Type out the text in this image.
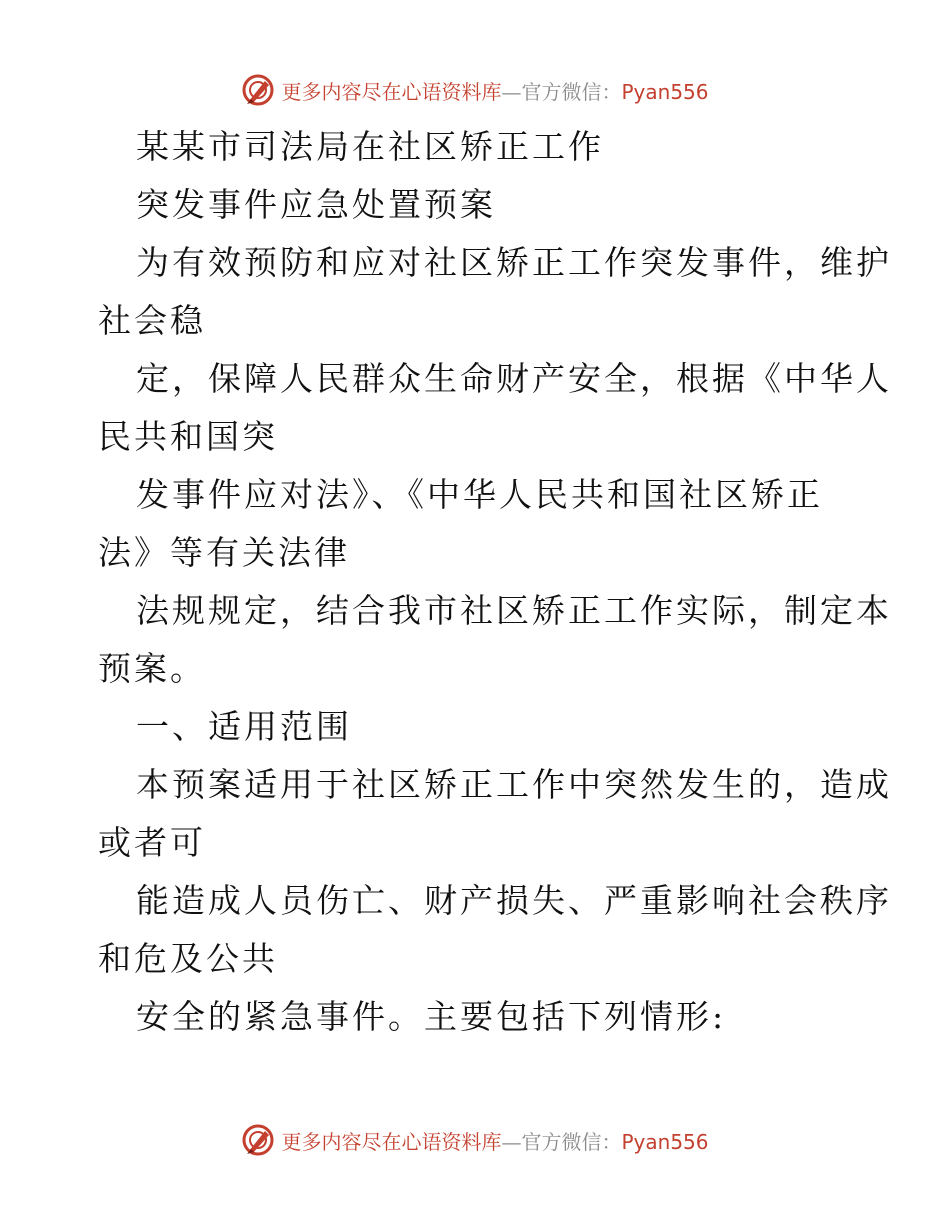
更多内容尽在心语资料库—官方微信：Pyan556
某某市司法局在社区矫正工作
突发事件应急处置预案
为有效预防和应对社区矫正工作突发事件，维护
社会稳
定，保障人民群众生命财产安全，根据《中华人
民共和国突
发事件应对法》、《中华人民共和国社区矫正
法》等有关法律
法规规定，结合我市社区矫正工作实际，制定本
预案。
一、适用范围
本预案适用于社区矫正工作中突然发生的，造成
或者可
能造成人员伤亡、财产损失、严重影响社会秩序
和危及公共
安全的紧急事件。主要包括下列情形:
更多内容尽在心语资料库—官方微信：Pyan556
